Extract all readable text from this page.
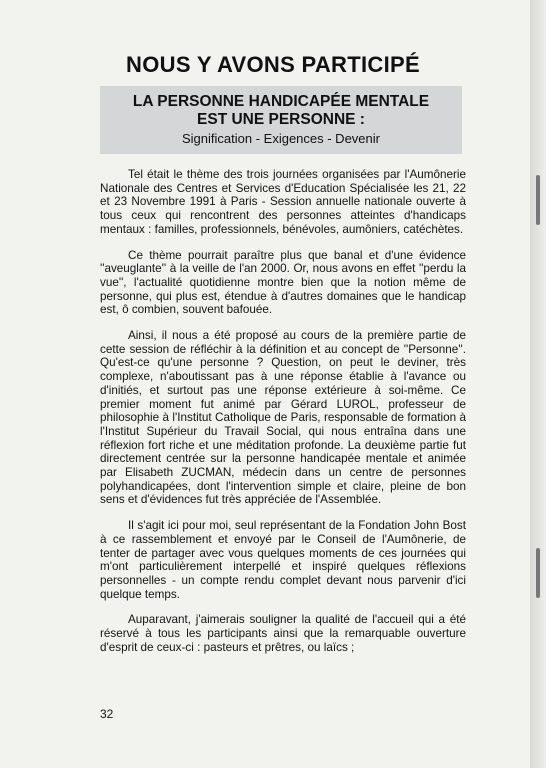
NOUS Y AVONS PARTICIPÉ
LA PERSONNE HANDICAPÉE MENTALE
EST UNE PERSONNE :
Signification - Exigences - Devenir

Tel était le thème des trois journées organisées par l'Aumônerie Nationale des Centres et Services d'Education Spécialisée les 21, 22 et 23 Novembre 1991 à Paris - Session annuelle nationale ouverte à tous ceux qui rencontrent des personnes atteintes d'handicaps mentaux : familles, professionnels, bénévoles, aumôniers, catéchètes.

Ce thème pourrait paraître plus que banal et d'une évidence ''aveuglante'' à la veille de l'an 2000. Or, nous avons en effet ''perdu la vue'', l'actualité quotidienne montre bien que la notion même de personne, qui plus est, étendue à d'autres domaines que le handicap est, ô combien, souvent bafouée.

Ainsi, il nous a été proposé au cours de la première partie de cette session de réfléchir à la définition et au concept de ''Personne''. Qu'est-ce qu'une personne ? Question, on peut le deviner, très complexe, n'aboutissant pas à une réponse établie à l'avance ou d'initiés, et surtout pas une réponse extérieure à soi-même. Ce premier moment fut animé par Gérard LUROL, professeur de philosophie à l'Institut Catholique de Paris, responsable de formation à l'Institut Supérieur du Travail Social, qui nous entraîna dans une réflexion fort riche et une méditation profonde. La deuxième partie fut directement centrée sur la personne handicapée mentale et animée par Elisabeth ZUCMAN, médecin dans un centre de personnes polyhandicapées, dont l'intervention simple et claire, pleine de bon sens et d'évidences fut très appréciée de l'Assemblée.

Il s'agit ici pour moi, seul représentant de la Fondation John Bost à ce rassemblement et envoyé par le Conseil de l'Aumônerie, de tenter de partager avec vous quelques moments de ces journées qui m'ont particulièrement interpellé et inspiré quelques réflexions personnelles - un compte rendu complet devant nous parvenir d'ici quelque temps.

Auparavant, j'aimerais souligner la qualité de l'accueil qui a été réservé à tous les participants ainsi que la remarquable ouverture d'esprit de ceux-ci : pasteurs et prêtres, ou laïcs ;

32
